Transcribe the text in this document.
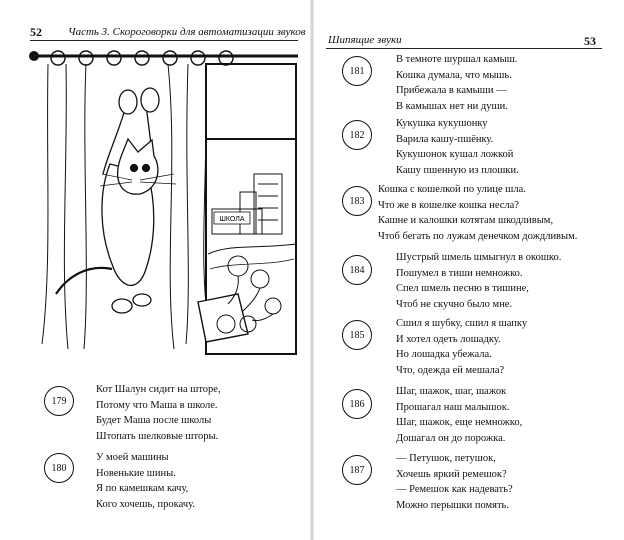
52 Часть 3. Скороговорки для автоматизации звуков
ШКОЛА
179
Кот Шалун сидит на шторе,
Потому что Маша в школе.
Будет Маша после школы
Штопать шелковые шторы.
180
У моей машины
Новенькие шины.
Я по камешкам качу,
Кого хочешь, прокачу.
Шипящие звуки	53
181
В темноте шуршал камыш.
Кошка думала, что мышь.
Прибежала в камыши —
В камышах нет ни души.
182
Кукушка кукушонку
Варила кашу-пшёнку.
Кукушонок кушал ложкой
Кашу пшенную из плошки.
183
Кошка с кошелкой по улице шла.
Что же в кошелке кошка несла?
Кашне и калошки котятам шкодливым,
Чтоб бегать по лужам денечком дождливым.
184
Шустрый шмель шмыгнул в окошко.
Пошумел в тиши немножко.
Спел шмель песню в тишине,
Чтоб не скучно было мне.
185
Сшил я шубку, сшил я шапку
И хотел одеть лошадку.
Но лошадка убежала.
Что, одежда ей мешала?
186
Шаг, шажок, шаг, шажок
Прошагал наш малышок.
Шаг, шажок, еще немножко,
Дошагал он до порожка.
187
— Петушок, петушок,
Хочешь яркий ремешок?
— Ремешок как надевать?
Можно перышки помять.
